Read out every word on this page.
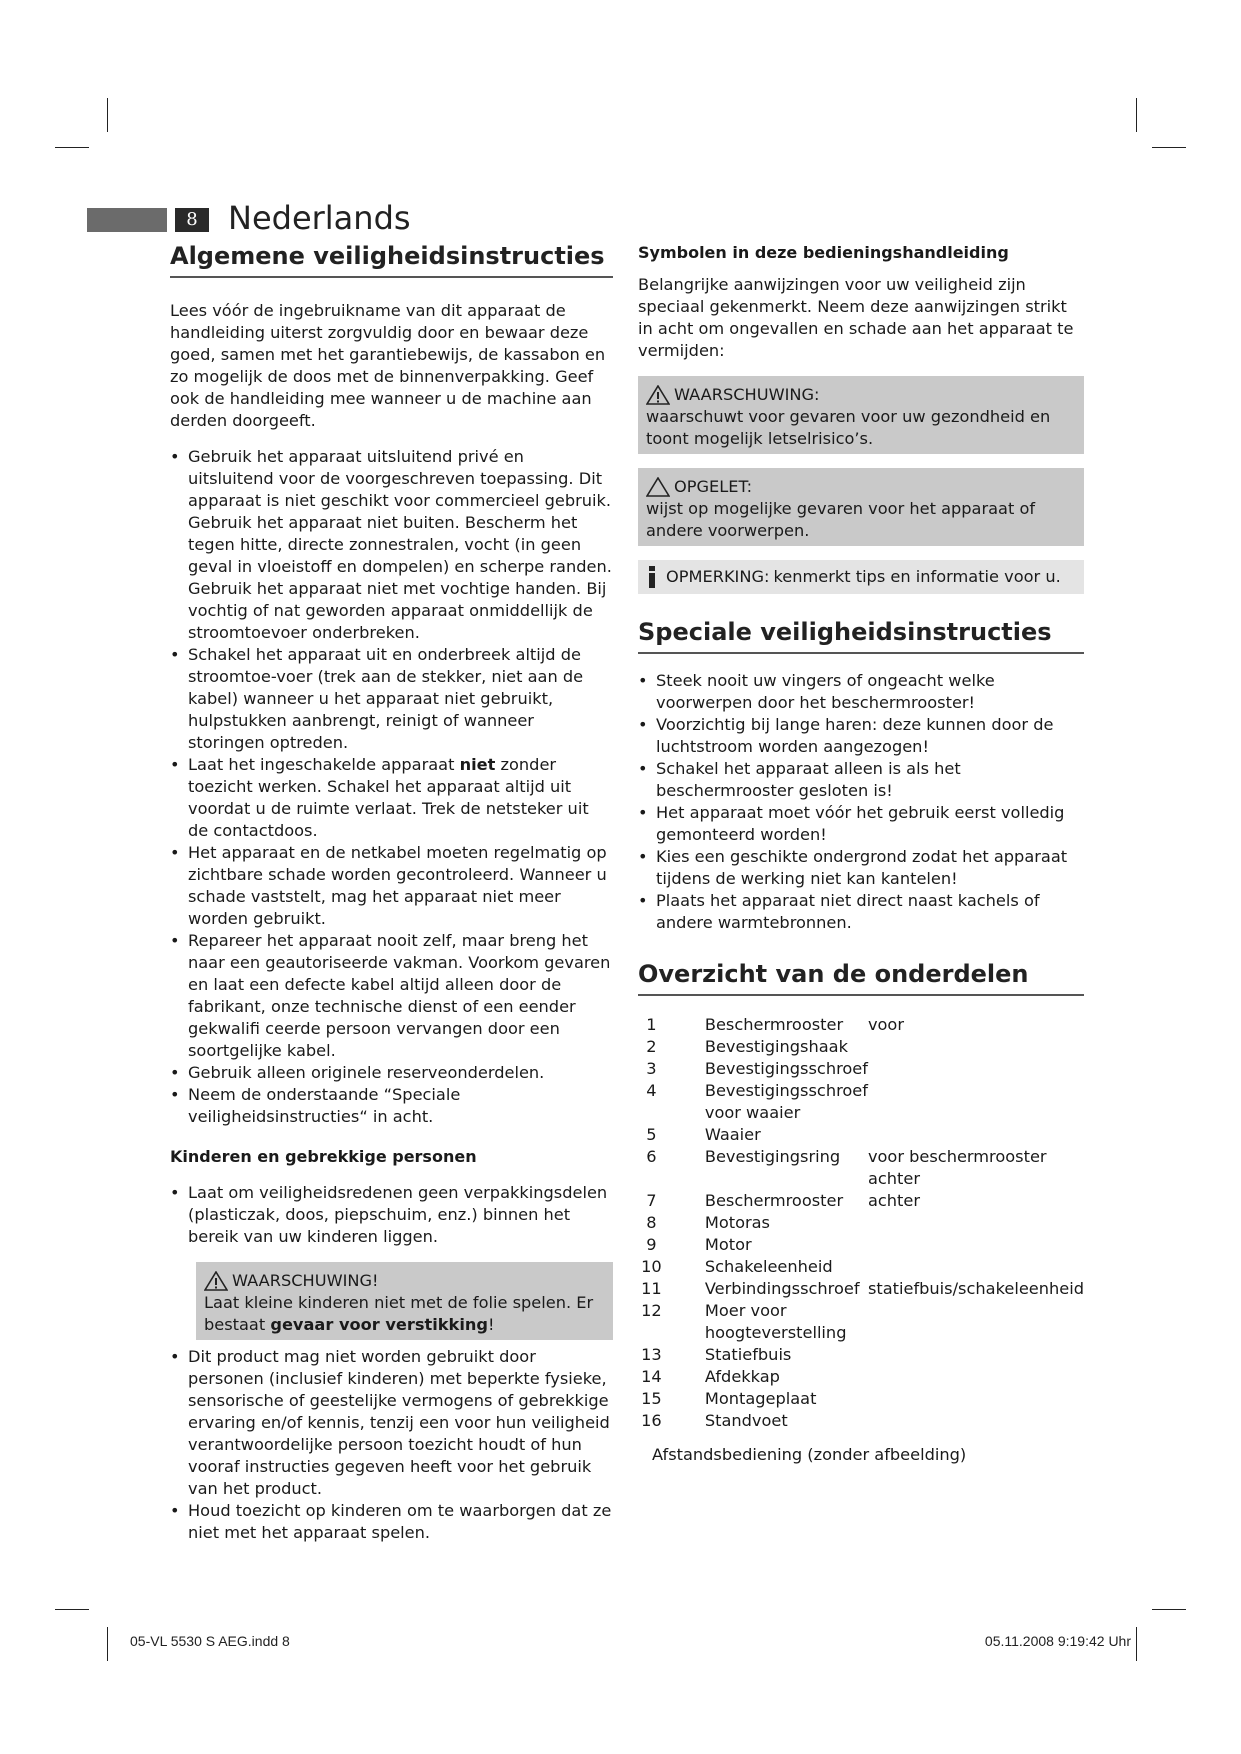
8 Nederlands
Algemene veiligheidsinstructies

Lees vóór de ingebruikname van dit apparaat de handleiding uiterst zorgvuldig door en bewaar deze goed, samen met het garantiebewijs, de kassabon en zo mogelijk de doos met de binnenverpakking. Geef ook de handleiding mee wanneer u de machine aan derden doorgeeft.

• Gebruik het apparaat uitsluitend privé en uitsluitend voor de voorgeschreven toepassing. Dit apparaat is niet geschikt voor commercieel gebruik. Gebruik het apparaat niet buiten. Bescherm het tegen hitte, directe zonnestralen, vocht (in geen geval in vloeistoff en dompelen) en scherpe randen. Gebruik het apparaat niet met vochtige handen. Bij vochtig of nat geworden apparaat onmiddellijk de stroomtoevoer onderbreken.
• Schakel het apparaat uit en onderbreek altijd de stroomtoe-voer (trek aan de stekker, niet aan de kabel) wanneer u het apparaat niet gebruikt, hulpstukken aanbrengt, reinigt of wanneer storingen optreden.
• Laat het ingeschakelde apparaat niet zonder toezicht werken. Schakel het apparaat altijd uit voordat u de ruimte verlaat. Trek de netsteker uit de contactdoos.
• Het apparaat en de netkabel moeten regelmatig op zichtbare schade worden gecontroleerd. Wanneer u schade vaststelt, mag het apparaat niet meer worden gebruikt.
• Repareer het apparaat nooit zelf, maar breng het naar een geautoriseerde vakman. Voorkom gevaren en laat een defecte kabel altijd alleen door de fabrikant, onze technische dienst of een eender gekwalifi ceerde persoon vervangen door een soortgelijke kabel.
• Gebruik alleen originele reserveonderdelen.
• Neem de onderstaande “Speciale veiligheidsinstructies“ in acht.

Kinderen en gebrekkige personen

• Laat om veiligheidsredenen geen verpakkingsdelen (plasticzak, doos, piepschuim, enz.) binnen het bereik van uw kinderen liggen.
WAARSCHUWING!

Laat kleine kinderen niet met de folie spelen. Er bestaat gevaar voor verstikking!

• Dit product mag niet worden gebruikt door personen (inclusief kinderen) met beperkte fysieke, sensorische of geestelijke vermogens of gebrekkige ervaring en/of kennis, tenzij een voor hun veiligheid verantwoordelijke persoon toezicht houdt of hun vooraf instructies gegeven heeft voor het gebruik van het product.
• Houd toezicht op kinderen om te waarborgen dat ze niet met het apparaat spelen.

Symbolen in deze bedieningshandleiding

Belangrijke aanwijzingen voor uw veiligheid zijn speciaal gekenmerkt. Neem deze aanwijzingen strikt in acht om ongevallen en schade aan het apparaat te vermijden:

WAARSCHUWING:

waarschuwt voor gevaren voor uw gezondheid en toont mogelijk letselrisico’s.

OPGELET:

wijst op mogelijke gevaren voor het apparaat of andere voorwerpen.

OPMERKING: kenmerkt tips en informatie voor u.
Speciale veiligheidsinstructies
• Steek nooit uw vingers of ongeacht welke voorwerpen door het beschermrooster!
• Voorzichtig bij lange haren: deze kunnen door de luchtstroom worden aangezogen!
• Schakel het apparaat alleen is als het beschermrooster gesloten is!
• Het apparaat moet vóór het gebruik eerst volledig gemonteerd worden!
• Kies een geschikte ondergrond zodat het apparaat tijdens de werking niet kan kantelen!
• Plaats het apparaat niet direct naast kachels of andere warmtebronnen.
Overzicht van de onderdelen
1	Beschermrooster	voor
2	Bevestigingshaak	
3	Bevestigingsschroef	
4	Bevestigingsschroef voor waaier	
5	Waaier	
6	Bevestigingsring	voor beschermrooster achter
7	Beschermrooster	achter
8	Motoras	
9	Motor	
10	Schakeleenheid	
11	Verbindingsschroef	statiefbuis/schakeleenheid
12	Moer voor hoogteverstelling	
13	Statiefbuis	
14	Afdekkap	
15	Montageplaat	
16	Standvoet	

Afstandsbediening (zonder afbeelding)

05-VL 5530 S AEG.indd 8	05.11.2008 9:19:42 Uhr
